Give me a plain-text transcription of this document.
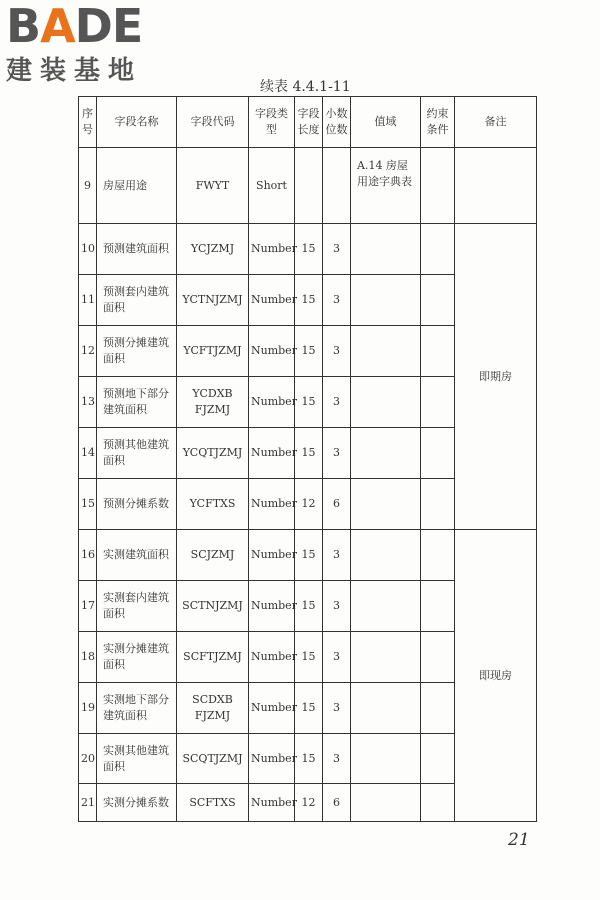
BADE
建装基地
续表 4.4.1-11
序号	字段名称	字段代码	字段类型	字段长度	小数位数	值域	约束条件	备注
9	房屋用途	FWYT	Short			A.14 房屋用途字典表		
10	预测建筑面积	YCJZMJ	Number	15	3			即期房
11	预测套内建筑面积	YCTNJZMJ	Number	15	3			
12	预测分摊建筑面积	YCFTJZMJ	Number	15	3			
13	预测地下部分建筑面积	YCDXB FJZMJ	Number	15	3			
14	预测其他建筑面积	YCQTJZMJ	Number	15	3			
15	预测分摊系数	YCFTXS	Number	12	6			
16	实测建筑面积	SCJZMJ	Number	15	3			即现房
17	实测套内建筑面积	SCTNJZMJ	Number	15	3			
18	实测分摊建筑面积	SCFTJZMJ	Number	15	3			
19	实测地下部分建筑面积	SCDXB FJZMJ	Number	15	3			
20	实测其他建筑面积	SCQTJZMJ	Number	15	3			
21	实测分摊系数	SCFTXS	Number	12	6			
21
